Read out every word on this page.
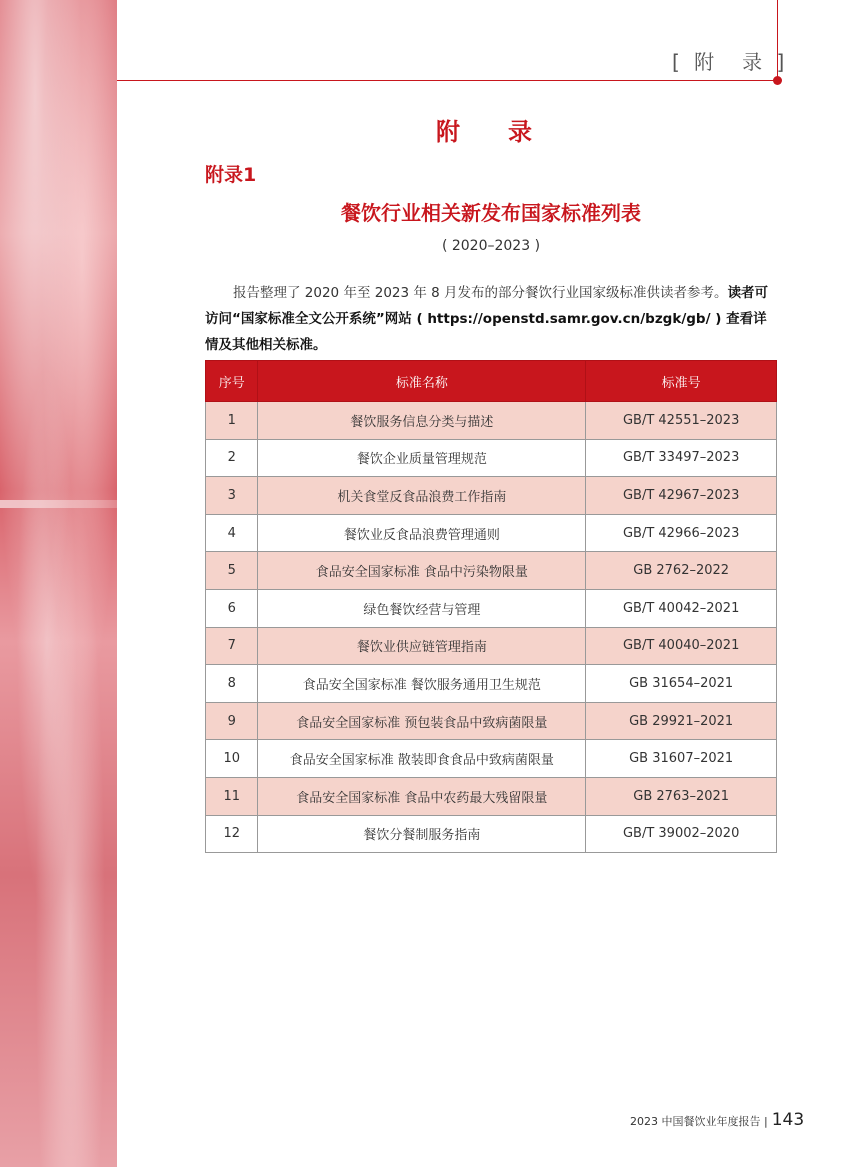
[ 附　录 ]
附　录
附录1
餐饮行业相关新发布国家标准列表
( 2020–2023 )
报告整理了 2020 年至 2023 年 8 月发布的部分餐饮行业国家级标准供读者参考。读者可访问“国家标准全文公开系统”网站 ( https://openstd.samr.gov.cn/bzgk/gb/ ) 查看详情及其他相关标准。
序号	标准名称	标准号
1	餐饮服务信息分类与描述	GB/T 42551–2023
2	餐饮企业质量管理规范	GB/T 33497–2023
3	机关食堂反食品浪费工作指南	GB/T 42967–2023
4	餐饮业反食品浪费管理通则	GB/T 42966–2023
5	食品安全国家标准 食品中污染物限量	GB 2762–2022
6	绿色餐饮经营与管理	GB/T 40042–2021
7	餐饮业供应链管理指南	GB/T 40040–2021
8	食品安全国家标准 餐饮服务通用卫生规范	GB 31654–2021
9	食品安全国家标准 预包装食品中致病菌限量	GB 29921–2021
10	食品安全国家标准 散装即食食品中致病菌限量	GB 31607–2021
11	食品安全国家标准 食品中农药最大残留限量	GB 2763–2021
12	餐饮分餐制服务指南	GB/T 39002–2020
2023 中国餐饮业年度报告 | 143
